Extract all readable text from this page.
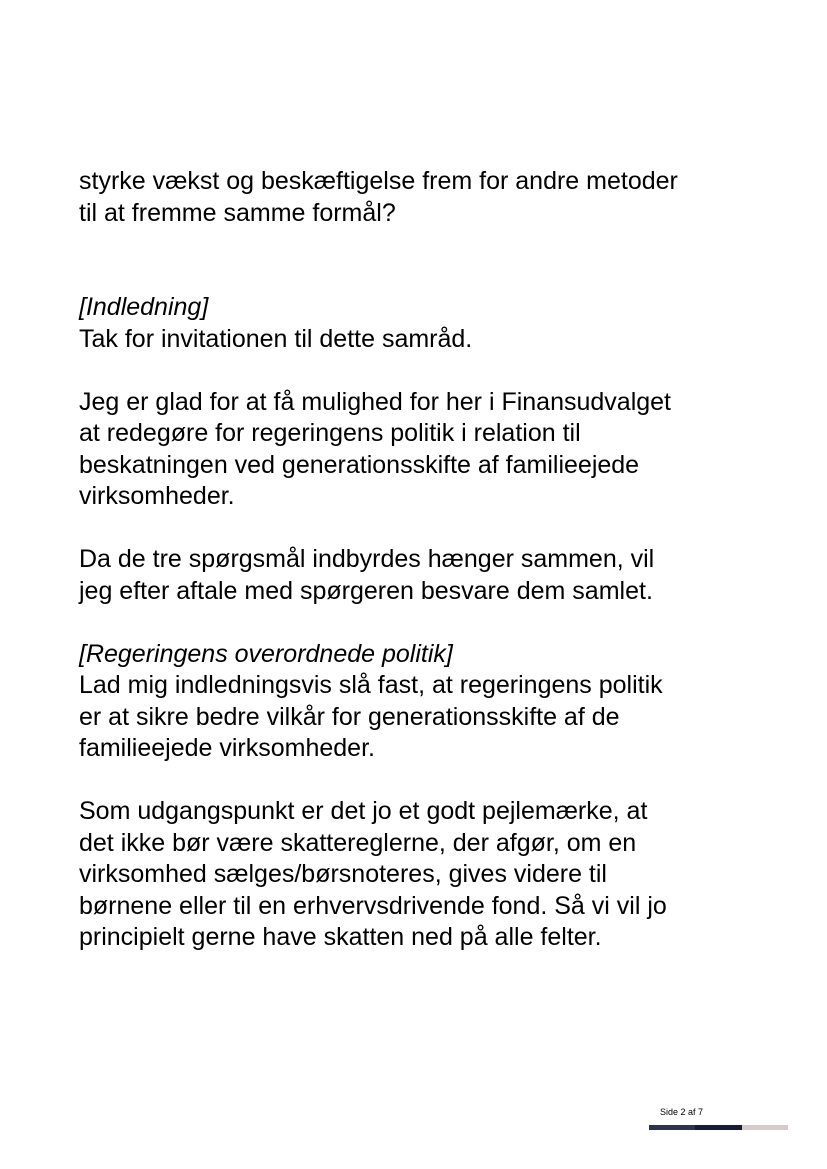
styrke vækst og beskæftigelse frem for andre metoder
til at fremme samme formål?

[Indledning]

Tak for invitationen til dette samråd.

Jeg er glad for at få mulighed for her i Finansudvalget
at redegøre for regeringens politik i relation til
beskatningen ved generationsskifte af familieejede
virksomheder.

Da de tre spørgsmål indbyrdes hænger sammen, vil
jeg efter aftale med spørgeren besvare dem samlet.

[Regeringens overordnede politik]

Lad mig indledningsvis slå fast, at regeringens politik
er at sikre bedre vilkår for generationsskifte af de
familieejede virksomheder.

Som udgangspunkt er det jo et godt pejlemærke, at
det ikke bør være skattereglerne, der afgør, om en
virksomhed sælges/børsnoteres, gives videre til
børnene eller til en erhvervsdrivende fond. Så vi vil jo
principielt gerne have skatten ned på alle felter.

Side 2 af 7
